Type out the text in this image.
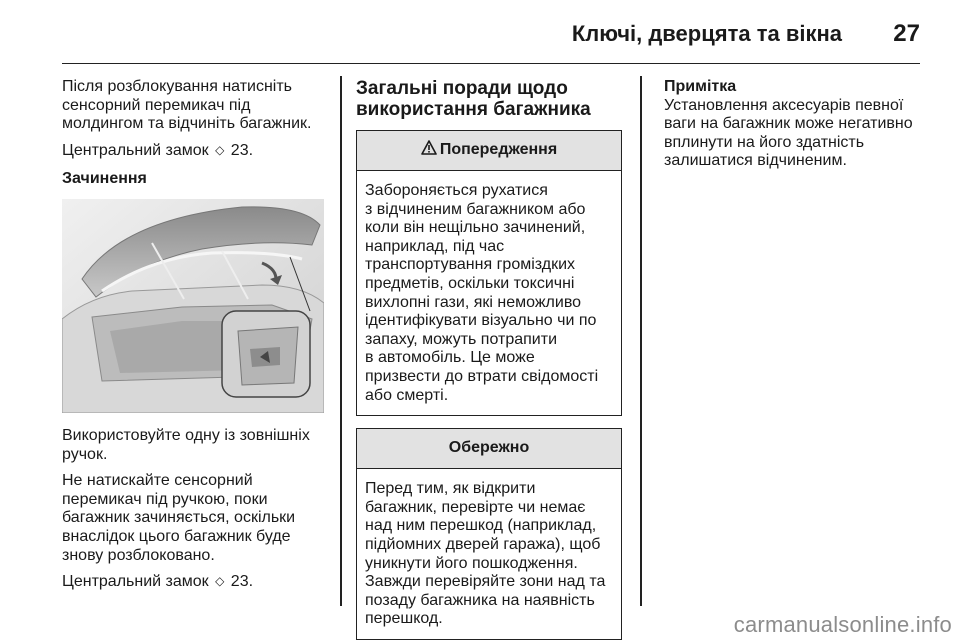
Ключі, дверцята та вікна 27
Після розблокування натисніть
сенсорний перемикач під
молдингом та відчиніть багажник.
Центральний замок ◇ 23.
Зачинення
Використовуйте одну із зовнішніх
ручок.
Не натискайте сенсорний
перемикач під ручкою, поки
багажник зачиняється, оскільки
внаслідок цього багажник буде
знову розблоковано.
Центральний замок ◇ 23.
Загальні поради щодо
використання багажника
Попередження
Забороняється рухатися
з відчиненим багажником або
коли він нещільно зачинений,
наприклад, під час
транспортування громіздких
предметів, оскільки токсичні
вихлопні гази, які неможливо
ідентифікувати візуально чи по
запаху, можуть потрапити
в автомобіль. Це може
призвести до втрати свідомості
або смерті.
Обережно
Перед тим, як відкрити
багажник, перевірте чи немає
над ним перешкод (наприклад,
підйомних дверей гаража), щоб
уникнути його пошкодження.
Завжди перевіряйте зони над та
позаду багажника на наявність
перешкод.
Примітка
Установлення аксесуарів певної
ваги на багажник може негативно
вплинути на його здатність
залишатися відчиненим.
carmanualsonline.info
